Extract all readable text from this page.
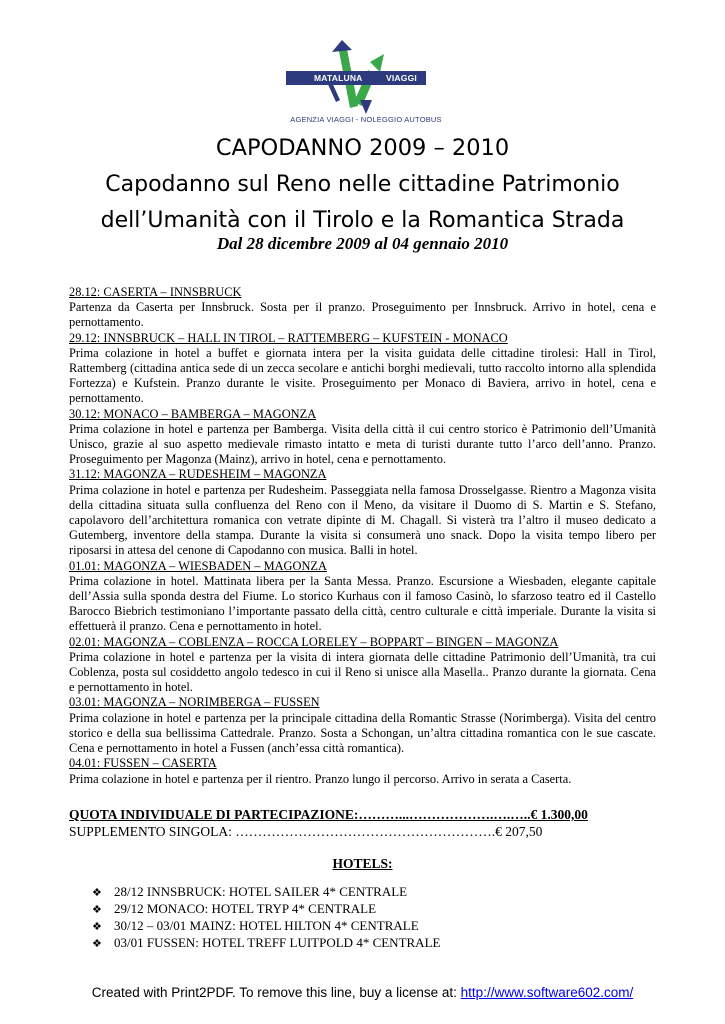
MATALUNA	VIAGGI
AGENZIA VIAGGI - NOLEGGIO AUTOBUS
CAPODANNO 2009 – 2010
Capodanno sul Reno nelle cittadine Patrimonio
dell’Umanità con il Tirolo e la Romantica Strada
Dal 28 dicembre 2009 al 04 gennaio 2010

28.12: CASERTA – INNSBRUCK

Partenza da Caserta per Innsbruck. Sosta per il pranzo. Proseguimento per Innsbruck. Arrivo in hotel, cena e pernottamento.

29.12: INNSBRUCK – HALL IN TIROL – RATTEMBERG – KUFSTEIN - MONACO

Prima colazione in hotel a buffet e giornata intera per la visita guidata delle cittadine tirolesi: Hall in Tirol, Rattemberg (cittadina antica sede di un zecca secolare e antichi borghi medievali, tutto raccolto intorno alla splendida Fortezza) e Kufstein. Pranzo durante le visite. Proseguimento per Monaco di Baviera, arrivo in hotel, cena e pernottamento.

30.12: MONACO – BAMBERGA – MAGONZA

Prima colazione in hotel e partenza per Bamberga. Visita della città il cui centro storico è Patrimonio dell’Umanità Unisco, grazie al suo aspetto medievale rimasto intatto e meta di turisti durante tutto l’arco dell’anno. Pranzo. Proseguimento per Magonza (Mainz), arrivo in hotel, cena e pernottamento.

31.12: MAGONZA – RUDESHEIM – MAGONZA

Prima colazione in hotel e partenza per Rudesheim. Passeggiata nella famosa Drosselgasse. Rientro a Magonza visita della cittadina situata sulla confluenza del Reno con il Meno, da visitare il Duomo di S. Martin e S. Stefano, capolavoro dell’architettura romanica con vetrate dipinte di M. Chagall. Si visterà tra l’altro il museo dedicato a Gutemberg, inventore della stampa. Durante la visita si consumerà uno snack. Dopo la visita tempo libero per riposarsi in attesa del cenone di Capodanno con musica. Balli in hotel.

01.01: MAGONZA – WIESBADEN – MAGONZA

Prima colazione in hotel. Mattinata libera per la Santa Messa. Pranzo. Escursione a Wiesbaden, elegante capitale dell’Assia sulla sponda destra del Fiume. Lo storico Kurhaus con il famoso Casinò, lo sfarzoso teatro ed il Castello Barocco Biebrich testimoniano l’importante passato della città, centro culturale e città imperiale. Durante la visita si effettuerà il pranzo. Cena e pernottamento in hotel.

02.01: MAGONZA – COBLENZA – ROCCA LORELEY – BOPPART – BINGEN – MAGONZA

Prima colazione in hotel e partenza per la visita di intera giornata delle cittadine Patrimonio dell’Umanità, tra cui Coblenza, posta sul cosiddetto angolo tedesco in cui il Reno si unisce alla Masella.. Pranzo durante la giornata. Cena e pernottamento in hotel.

03.01: MAGONZA – NORIMBERGA – FUSSEN

Prima colazione in hotel e partenza per la principale cittadina della Romantic Strasse (Norimberga). Visita del centro storico e della sua bellissima Cattedrale. Pranzo. Sosta a Schongan, un’altra cittadina romantica con le sue cascate. Cena e pernottamento in hotel a Fussen (anch’essa città romantica).

04.01: FUSSEN – CASERTA

Prima colazione in hotel e partenza per il rientro. Pranzo lungo il percorso. Arrivo in serata a Caserta.

QUOTA INDIVIDUALE DI PARTECIPAZIONE:………...……………….….…..€ 1.300,00
SUPPLEMENTO SINGOLA: ………………………………………………….€ 207,50
HOTELS:
❖ 28/12 INNSBRUCK: HOTEL SAILER 4* CENTRALE
❖ 29/12 MONACO: HOTEL TRYP 4* CENTRALE
❖ 30/12 – 03/01 MAINZ: HOTEL HILTON 4* CENTRALE
❖ 03/01 FUSSEN: HOTEL TREFF LUITPOLD 4* CENTRALE
Created with Print2PDF. To remove this line, buy a license at: http://www.software602.com/
